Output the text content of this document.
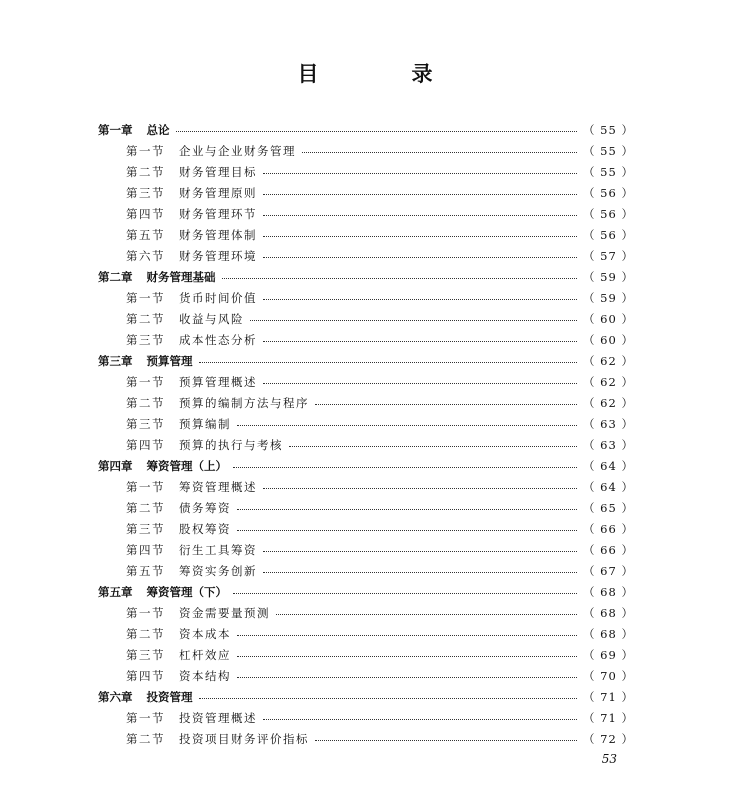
目　录
第一章 总论	（ 55 ）
第一节 企业与企业财务管理	（ 55 ）
第二节 财务管理目标	（ 55 ）
第三节 财务管理原则	（ 56 ）
第四节 财务管理环节	（ 56 ）
第五节 财务管理体制	（ 56 ）
第六节 财务管理环境	（ 57 ）
第二章 财务管理基础	（ 59 ）
第一节 货币时间价值	（ 59 ）
第二节 收益与风险	（ 60 ）
第三节 成本性态分析	（ 60 ）
第三章 预算管理	（ 62 ）
第一节 预算管理概述	（ 62 ）
第二节 预算的编制方法与程序	（ 62 ）
第三节 预算编制	（ 63 ）
第四节 预算的执行与考核	（ 63 ）
第四章 筹资管理（上）	（ 64 ）
第一节 筹资管理概述	（ 64 ）
第二节 债务筹资	（ 65 ）
第三节 股权筹资	（ 66 ）
第四节 衍生工具筹资	（ 66 ）
第五节 筹资实务创新	（ 67 ）
第五章 筹资管理（下）	（ 68 ）
第一节 资金需要量预测	（ 68 ）
第二节 资本成本	（ 68 ）
第三节 杠杆效应	（ 69 ）
第四节 资本结构	（ 70 ）
第六章 投资管理	（ 71 ）
第一节 投资管理概述	（ 71 ）
第二节 投资项目财务评价指标	（ 72 ）
53
